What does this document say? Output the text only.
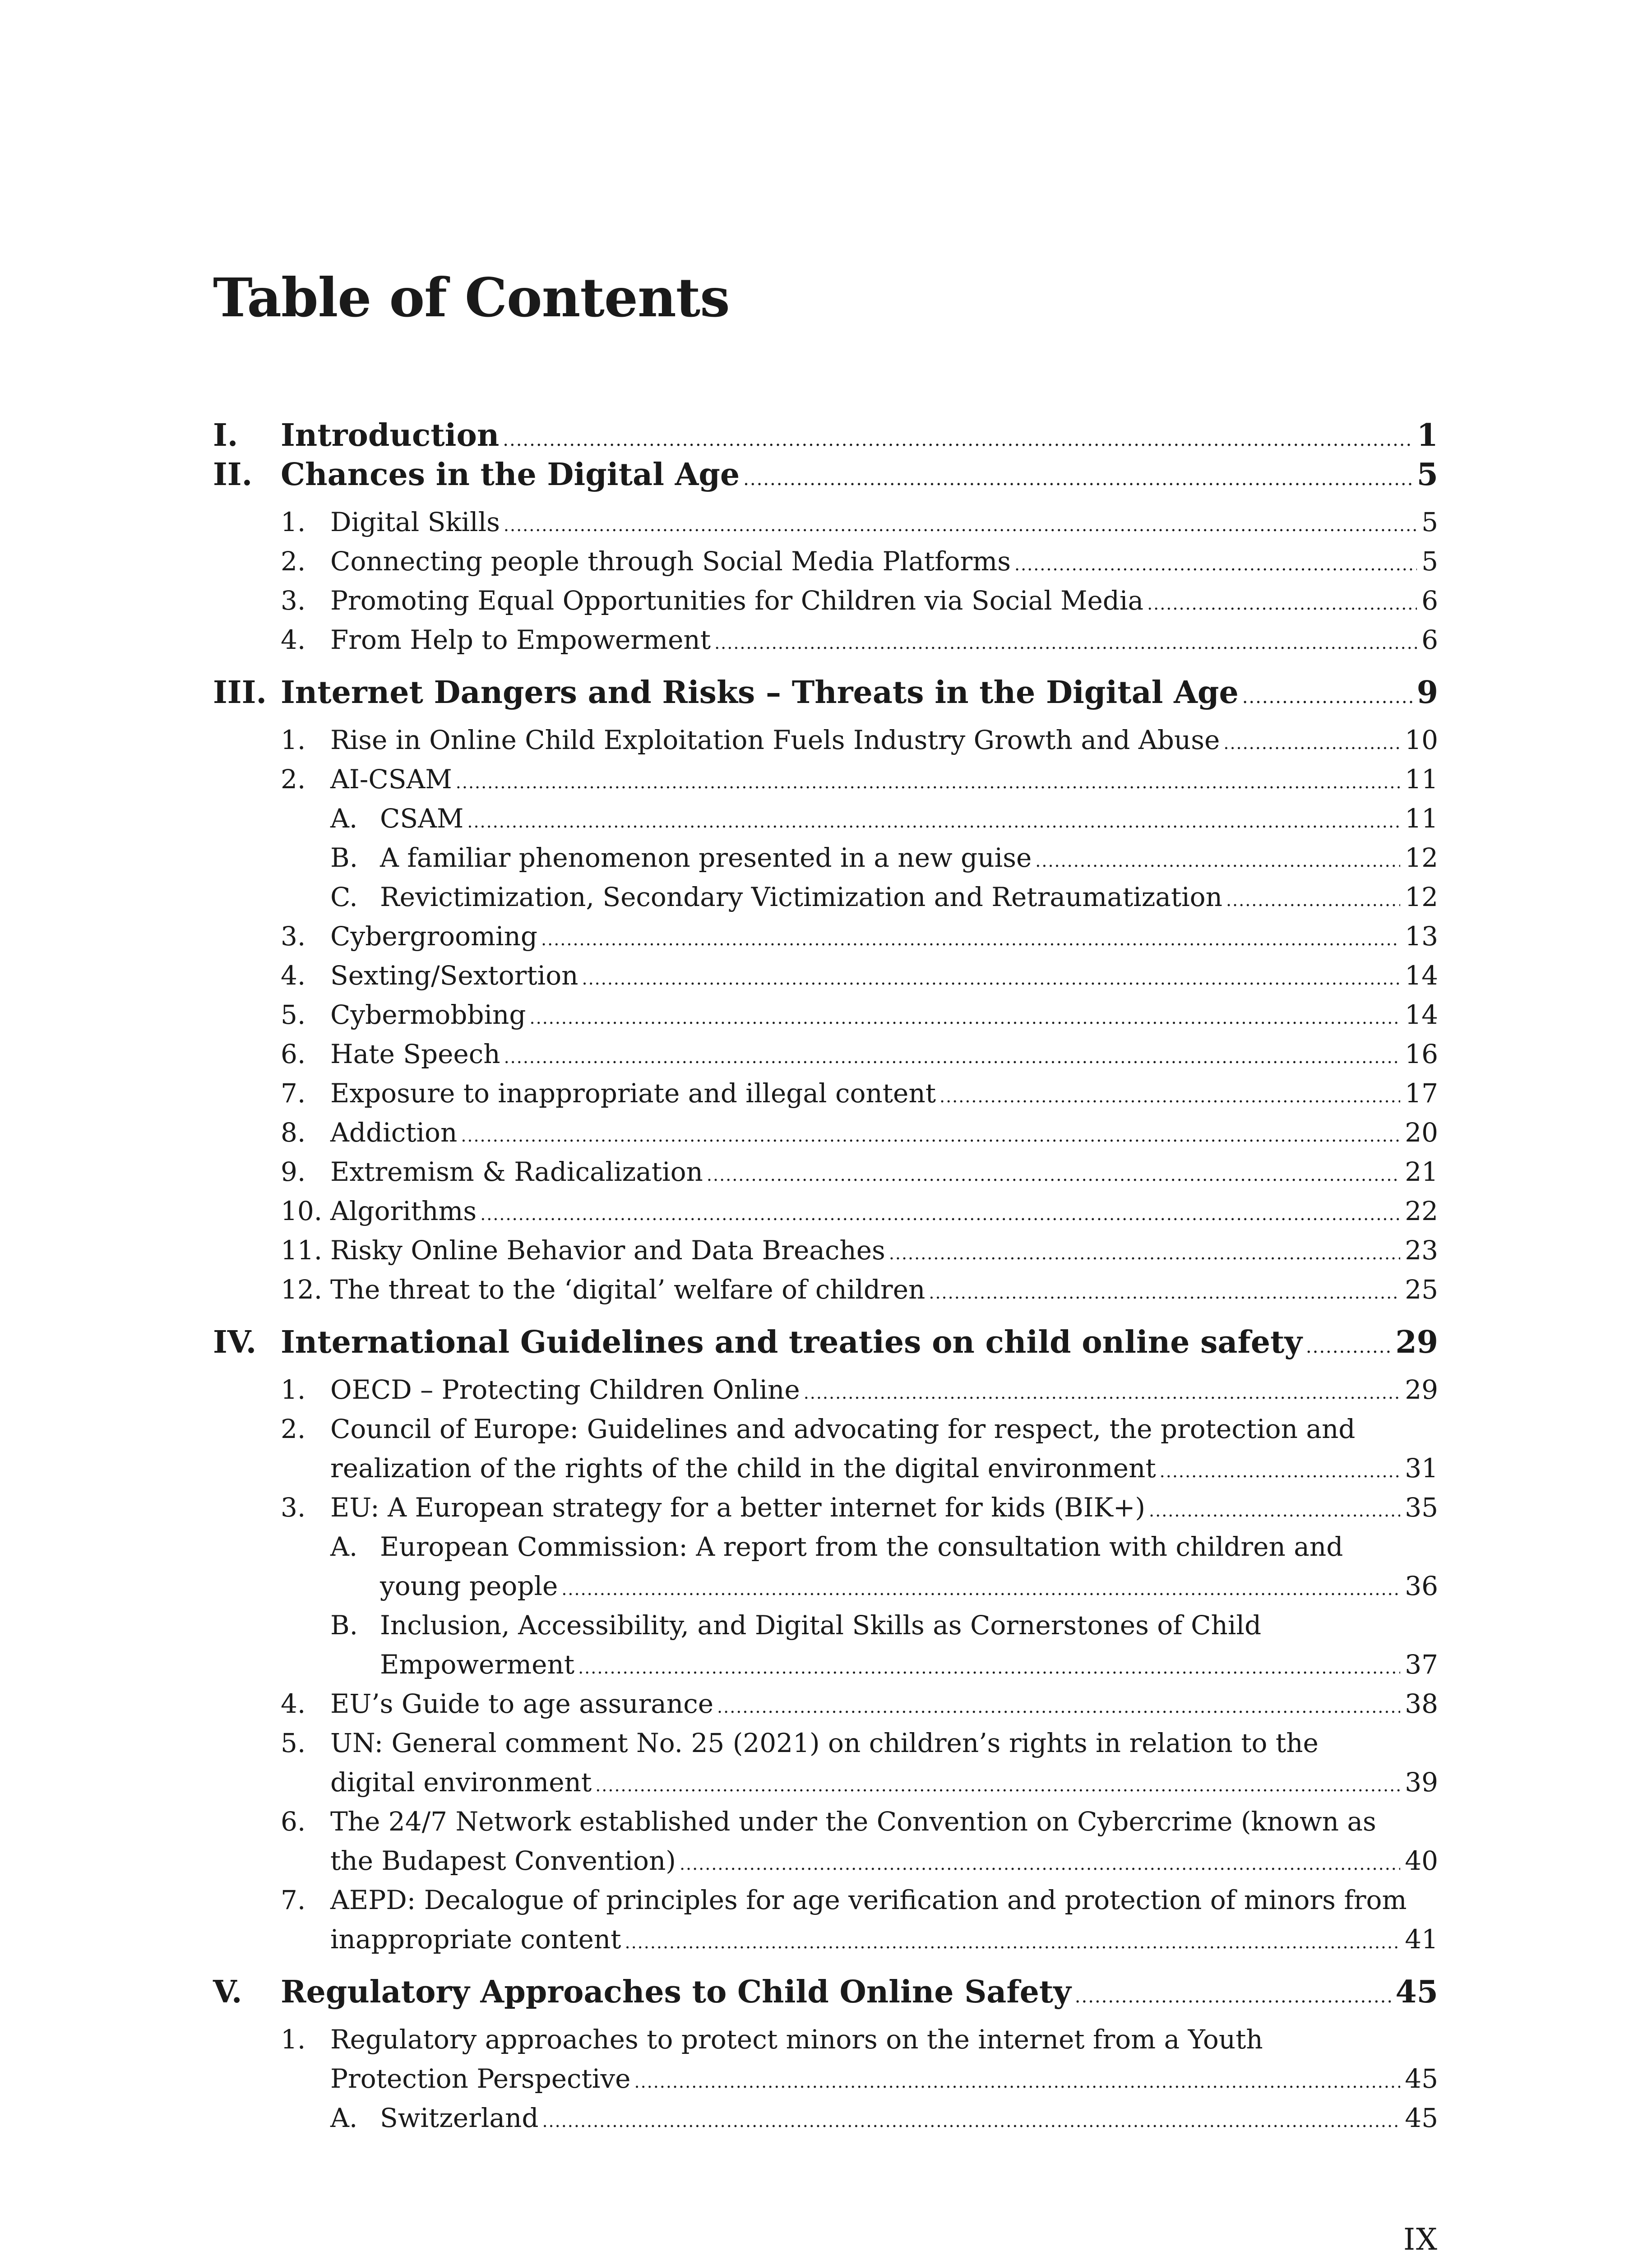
Table of Contents
I.	Introduction .....	1
II. Chances in the Digital Age .....	5
1. Digital Skills .....	5
2. Connecting people through Social Media Platforms .....	5
3. Promoting Equal Opportunities for Children via Social Media .....	6
4. From Help to Empowerment .....	6
III. Internet Dangers and Risks – Threats in the Digital Age .....	9
1. Rise in Online Child Exploitation Fuels Industry Growth and Abuse .....	10
2. AI-CSAM .....	11
A. CSAM .....	11
B. A familiar phenomenon presented in a new guise .....	12
C. Revictimization, Secondary Victimization and Retraumatization .....	12
3. Cybergrooming .....	13
4. Sexting/Sextortion .....	14
5. Cybermobbing .....	14
6. Hate Speech .....	16
7. Exposure to inappropriate and illegal content .....	17
8. Addiction .....	20
9. Extremism & Radicalization .....	21
10. Algorithms .....	22
11. Risky Online Behavior and Data Breaches .....	23
12. The threat to the ‘digital’ welfare of children .....	25
IV. International Guidelines and treaties on child online safety .....	29
1. OECD – Protecting Children Online .....	29
2. Council of Europe: Guidelines and advocating for respect, the protection and
realization of the rights of the child in the digital environment .....	31
3. EU: A European strategy for a better internet for kids (BIK+) .....	35
A. European Commission: A report from the consultation with children and
young people .....	36
B. Inclusion, Accessibility, and Digital Skills as Cornerstones of Child
Empowerment .....	37
4. EU’s Guide to age assurance .....	38
5. UN: General comment No. 25 (2021) on children’s rights in relation to the
digital environment .....	39
6. The 24/7 Network established under the Convention on Cybercrime (known as
the Budapest Convention) .....	40
7. AEPD: Decalogue of principles for age verification and protection of minors from
inappropriate content .....	41
V.	Regulatory Approaches to Child Online Safety .....	45
1. Regulatory approaches to protect minors on the internet from a Youth
Protection Perspective .....	45
A. Switzerland .....	45
IX
